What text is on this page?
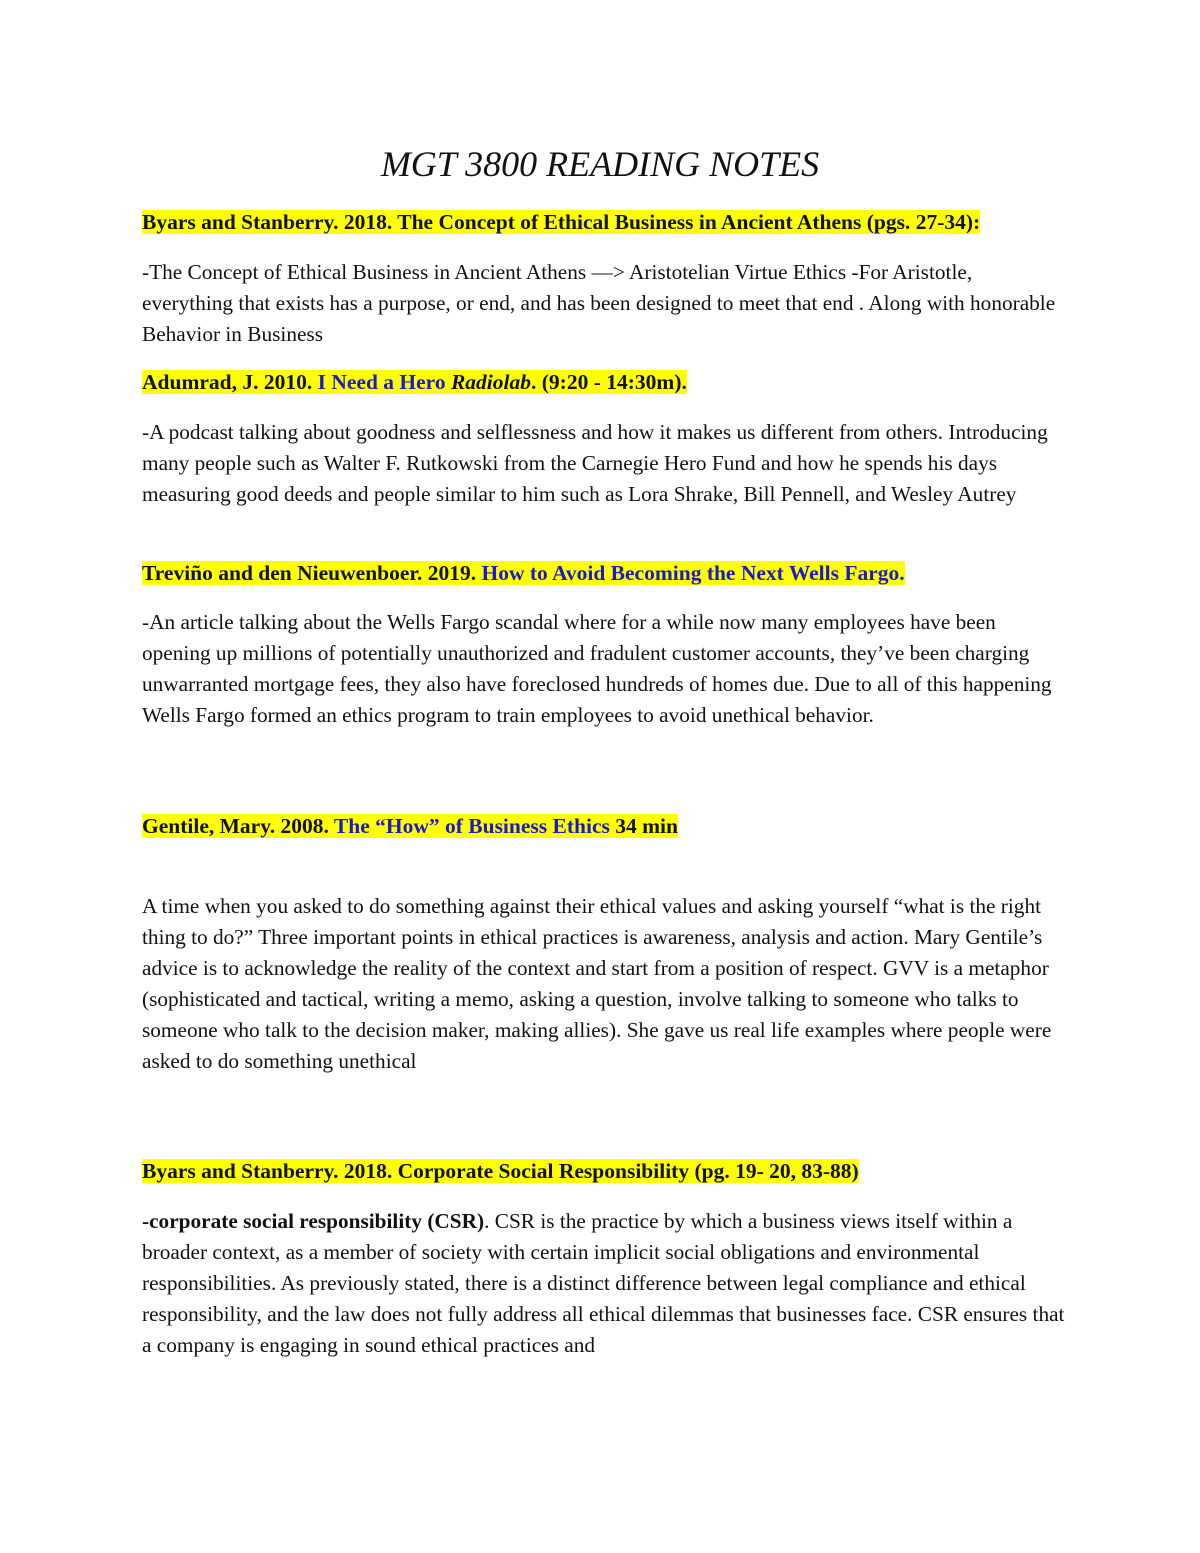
MGT 3800 READING NOTES
Byars and Stanberry. 2018. The Concept of Ethical Business in Ancient Athens (pgs. 27-34):

-The Concept of Ethical Business in Ancient Athens —> Aristotelian Virtue Ethics -For Aristotle, everything that exists has a purpose, or end, and has been designed to meet that end . Along with honorable Behavior in Business

Adumrad, J. 2010. I Need a Hero Radiolab. (9:20 - 14:30m).

-A podcast talking about goodness and selflessness and how it makes us different from others. Introducing many people such as Walter F. Rutkowski from the Carnegie Hero Fund and how he spends his days measuring good deeds and people similar to him such as Lora Shrake, Bill Pennell, and Wesley Autrey

Treviño and den Nieuwenboer. 2019. How to Avoid Becoming the Next Wells Fargo.

-An article talking about the Wells Fargo scandal where for a while now many employees have been opening up millions of potentially unauthorized and fradulent customer accounts, they’ve been charging unwarranted mortgage fees, they also have foreclosed hundreds of homes due. Due to all of this happening Wells Fargo formed an ethics program to train employees to avoid unethical behavior.

Gentile, Mary. 2008. The “How” of Business Ethics 34 min

A time when you asked to do something against their ethical values and asking yourself “what is the right thing to do?” Three important points in ethical practices is awareness, analysis and action. Mary Gentile’s advice is to acknowledge the reality of the context and start from a position of respect. GVV is a metaphor (sophisticated and tactical, writing a memo, asking a question, involve talking to someone who talks to someone who talk to the decision maker, making allies). She gave us real life examples where people were asked to do something unethical

Byars and Stanberry. 2018. Corporate Social Responsibility (pg. 19- 20, 83-88)

-corporate social responsibility (CSR). CSR is the practice by which a business views itself within a broader context, as a member of society with certain implicit social obligations and environmental responsibilities. As previously stated, there is a distinct difference between legal compliance and ethical responsibility, and the law does not fully address all ethical dilemmas that businesses face. CSR ensures that a company is engaging in sound ethical practices and
